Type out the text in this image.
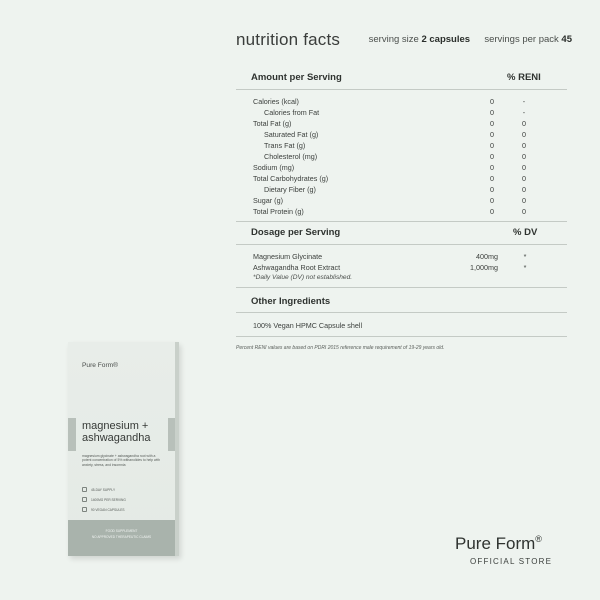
nutrition facts	serving size 2 capsules servings per pack 45
Amount per Serving	% RENI
Calories (kcal)	0	-
Calories from Fat	0	-
Total Fat (g)	0	0
Saturated Fat (g)	0	0
Trans Fat (g)	0	0
Cholesterol (mg)	0	0
Sodium (mg)	0	0
Total Carbohydrates (g)	0	0
Dietary Fiber (g)	0	0
Sugar (g)	0	0
Total Protein (g)	0	0
Dosage per Serving	% DV
Magnesium Glycinate	400mg	*
Ashwagandha Root Extract	1,000mg	*
*Daily Value (DV) not established.
Other Ingredients
100% Vegan HPMC Capsule shell
Percent RENI values are based on PDRI 2015 reference male requirement of 19-29 years old.
Pure Form®
magnesium +
ashwagandha
magnesium glycinate + ashwagandha root with a potent concentration of 5% withanolides to help with anxiety, stress, and insomnia
45-DAY SUPPLY
1400MG PER SERVING
90 VEGAN CAPSULES
FOOD SUPPLEMENT
NO APPROVED THERAPEUTIC CLAIMS	Pure Form®
OFFICIAL STORE
